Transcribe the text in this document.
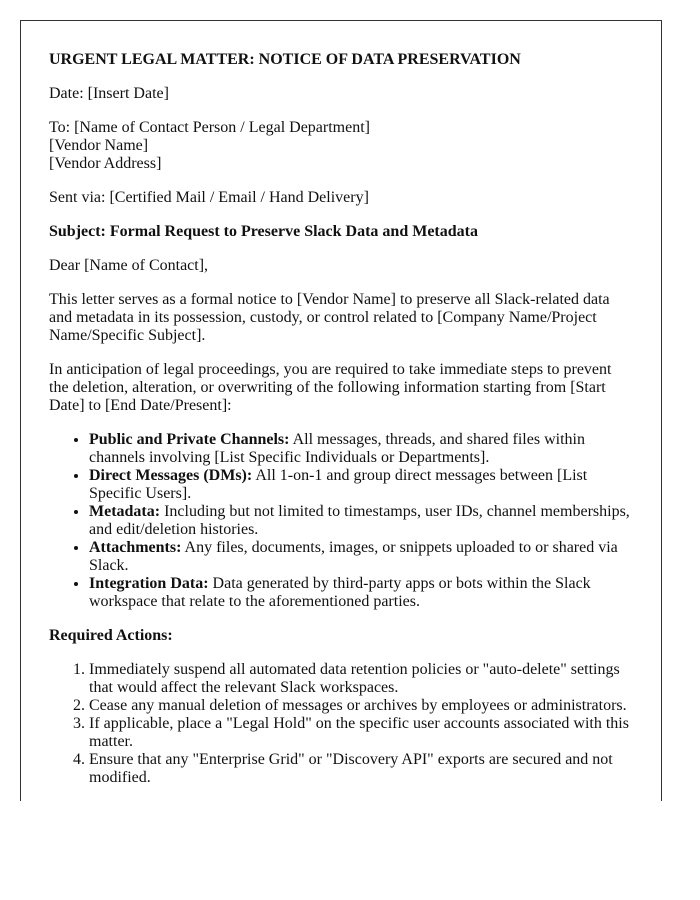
URGENT LEGAL MATTER: NOTICE OF DATA PRESERVATION

Date: [Insert Date]

To: [Name of Contact Person / Legal Department]
[Vendor Name]
[Vendor Address]

Sent via: [Certified Mail / Email / Hand Delivery]

Subject: Formal Request to Preserve Slack Data and Metadata

Dear [Name of Contact],

This letter serves as a formal notice to [Vendor Name] to preserve all Slack-related data and metadata in its possession, custody, or control related to [Company Name/Project Name/Specific Subject].

In anticipation of legal proceedings, you are required to take immediate steps to prevent the deletion, alteration, or overwriting of the following information starting from [Start Date] to [End Date/Present]:

• Public and Private Channels: All messages, threads, and shared files within channels involving [List Specific Individuals or Departments].
• Direct Messages (DMs): All 1-on-1 and group direct messages between [List Specific Users].
• Metadata: Including but not limited to timestamps, user IDs, channel memberships, and edit/deletion histories.
• Attachments: Any files, documents, images, or snippets uploaded to or shared via Slack.
• Integration Data: Data generated by third-party apps or bots within the Slack workspace that relate to the aforementioned parties.

Required Actions:

1. Immediately suspend all automated data retention policies or "auto-delete" settings that would affect the relevant Slack workspaces.
2. Cease any manual deletion of messages or archives by employees or administrators.
3. If applicable, place a "Legal Hold" on the specific user accounts associated with this matter.
4. Ensure that any "Enterprise Grid" or "Discovery API" exports are secured and not modified.
